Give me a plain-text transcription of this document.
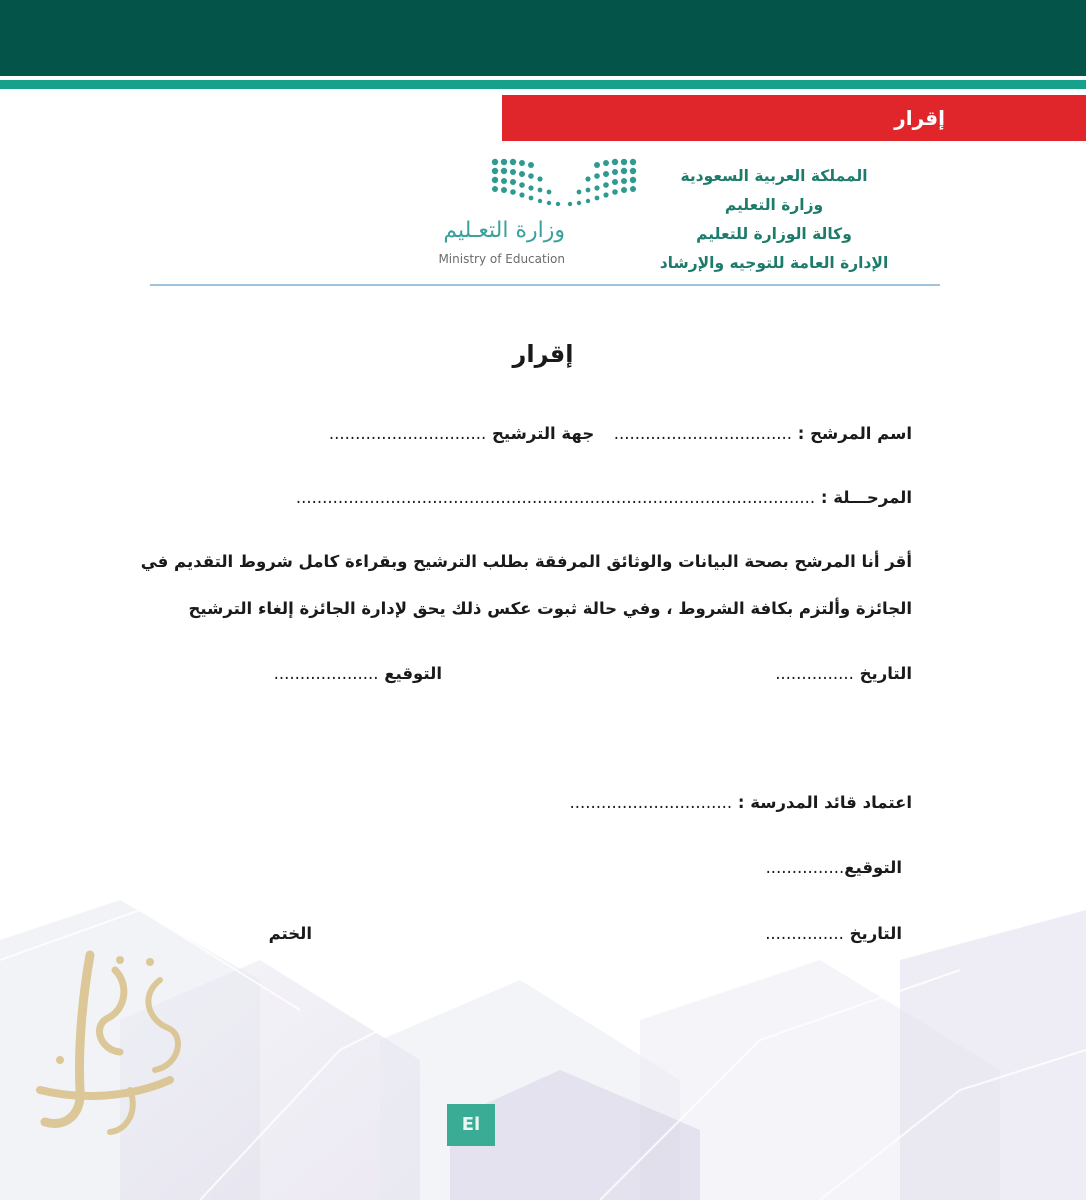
إقرار
المملكة العربية السعودية
وزارة التعليم
وكالة الوزارة للتعليم
الإدارة العامة للتوجيه والإرشاد
وزارة التعـليم
Ministry of Education
إقرار
اسم المرشح : ..................................  جهة الترشيح ..............................
المرحـــلة : ...................................................................................................
أقر أنا المرشح بصحة البيانات والوثائق المرفقة بطلب الترشيح وبقراءة كامل شروط التقديم في
الجائزة وألتزم بكافة الشروط ، وفي حالة ثبوت عكس ذلك يحق لإدارة الجائزة إلغاء الترشيح
التاريخ ...............
التوقيع ....................
اعتماد قائد المدرسة : ...............................
التوقيع...............
التاريخ ...............
الختم
El
